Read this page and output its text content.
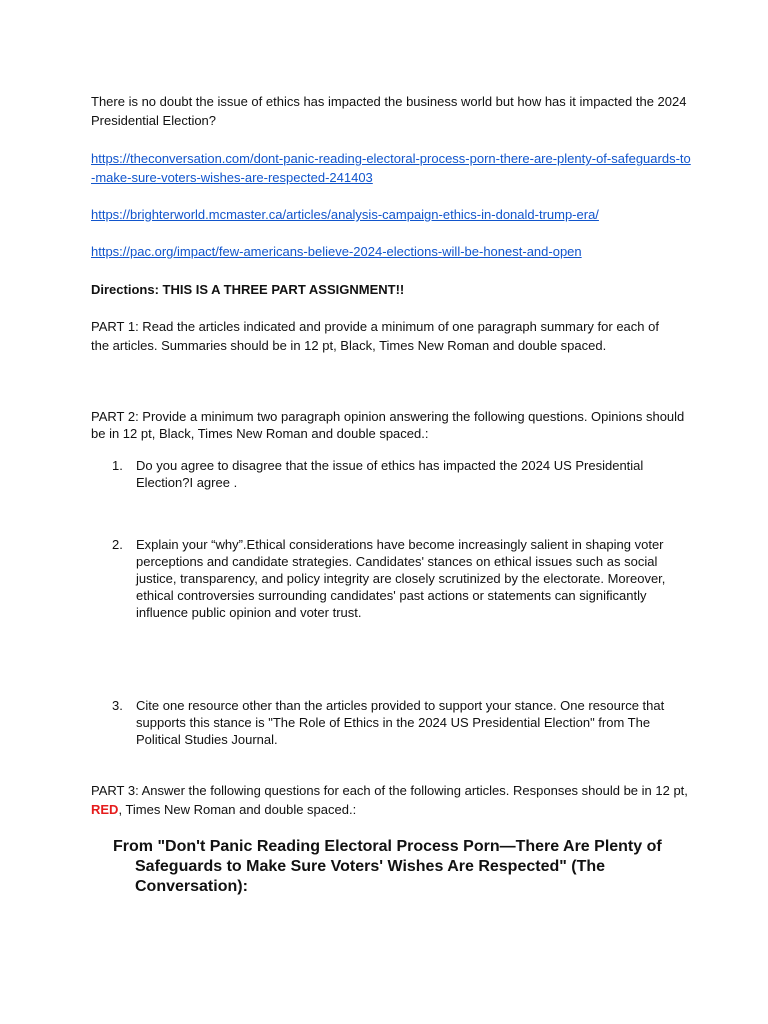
There is no doubt the issue of ethics has impacted the business world but how has it impacted the 2024 Presidential Election?
https://theconversation.com/dont-panic-reading-electoral-process-porn-there-are-plenty-of-safeguards-to-make-sure-voters-wishes-are-respected-241403
https://brighterworld.mcmaster.ca/articles/analysis-campaign-ethics-in-donald-trump-era/
https://pac.org/impact/few-americans-believe-2024-elections-will-be-honest-and-open
Directions: THIS IS A THREE PART ASSIGNMENT!!
PART 1: Read the articles indicated and provide a minimum of one paragraph summary for each of the articles. Summaries should be in 12 pt, Black, Times New Roman and double spaced.
PART 2: Provide a minimum two paragraph opinion answering the following questions. Opinions should be in 12 pt, Black, Times New Roman and double spaced.:
1.	Do you agree to disagree that the issue of ethics has impacted the 2024 US Presidential Election?I agree .
2.	Explain your “why”.Ethical considerations have become increasingly salient in shaping voter perceptions and candidate strategies. Candidates' stances on ethical issues such as social justice, transparency, and policy integrity are closely scrutinized by the electorate. Moreover, ethical controversies surrounding candidates' past actions or statements can significantly influence public opinion and voter trust.
3.	Cite one resource other than the articles provided to support your stance. One resource that supports this stance is "The Role of Ethics in the 2024 US Presidential Election" from The Political Studies Journal.
PART 3: Answer the following questions for each of the following articles. Responses should be in 12 pt, RED, Times New Roman and double spaced.:
From "Don't Panic Reading Electoral Process Porn—There Are Plenty of
Safeguards to Make Sure Voters' Wishes Are Respected" (The Conversation):
